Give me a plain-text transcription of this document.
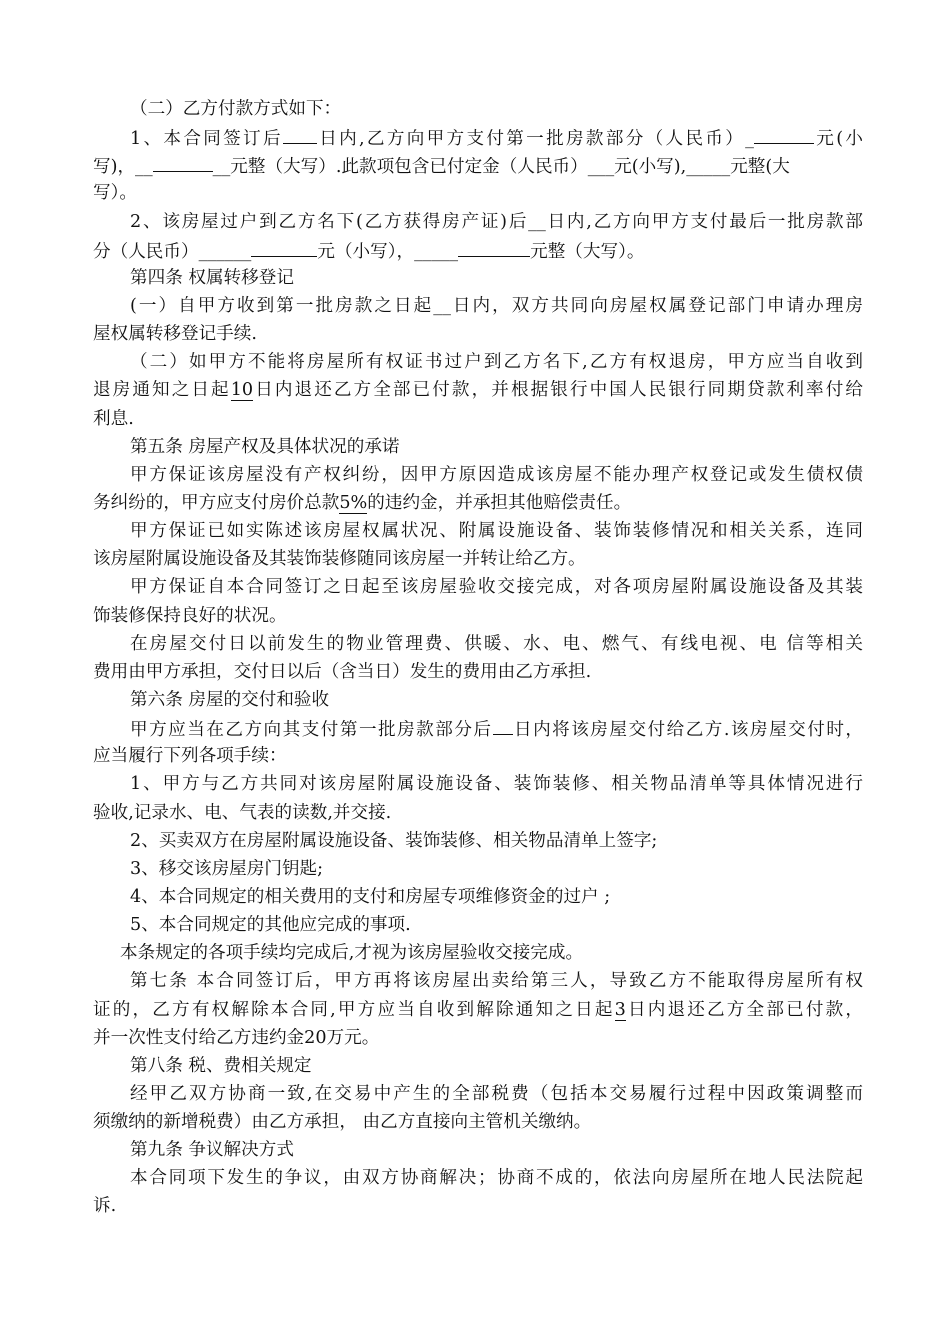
（二）乙方付款方式如下：
1、本合同签订后 日内,乙方向甲方支付第一批房款部分（人民币）_	元(小
写)，__	__元整（大写）.此款项包含已付定金（人民币）___元(小写),_____元整(大
写）。
2、该房屋过户到乙方名下(乙方获得房产证)后__日内,乙方向甲方支付最后一批房款部
分（人民币）______	元（小写），_____	元整（大写）。
第四条 权属转移登记
(一）自甲方收到第一批房款之日起__日内，双方共同向房屋权属登记部门申请办理房
屋权属转移登记手续.
（二）如甲方不能将房屋所有权证书过户到乙方名下,乙方有权退房，甲方应当自收到
退房通知之日起10日内退还乙方全部已付款，并根据银行中国人民银行同期贷款利率付给
利息.
第五条 房屋产权及具体状况的承诺
甲方保证该房屋没有产权纠纷，因甲方原因造成该房屋不能办理产权登记或发生债权债
务纠纷的，甲方应支付房价总款5%的违约金，并承担其他赔偿责任。
甲方保证已如实陈述该房屋权属状况、附属设施设备、装饰装修情况和相关关系，连同
该房屋附属设施设备及其装饰装修随同该房屋一并转让给乙方。
甲方保证自本合同签订之日起至该房屋验收交接完成，对各项房屋附属设施设备及其装
饰装修保持良好的状况。
在房屋交付日以前发生的物业管理费、供暖、水、电、燃气、有线电视、电 信等相关
费用由甲方承担，交付日以后（含当日）发生的费用由乙方承担.
第六条 房屋的交付和验收
甲方应当在乙方向其支付第一批房款部分后 日内将该房屋交付给乙方.该房屋交付时，
应当履行下列各项手续：
1、甲方与乙方共同对该房屋附属设施设备、装饰装修、相关物品清单等具体情况进行
验收,记录水、电、气表的读数,并交接.
2、买卖双方在房屋附属设施设备、装饰装修、相关物品清单上签字;
3、移交该房屋房门钥匙;
4、本合同规定的相关费用的支付和房屋专项维修资金的过户 ;
5、本合同规定的其他应完成的事项.
本条规定的各项手续均完成后,才视为该房屋验收交接完成。
第七条 本合同签订后，甲方再将该房屋出卖给第三人，导致乙方不能取得房屋所有权
证的，乙方有权解除本合同,甲方应当自收到解除通知之日起3日内退还乙方全部已付款，
并一次性支付给乙方违约金20万元。
第八条 税、费相关规定
经甲乙双方协商一致,在交易中产生的全部税费（包括本交易履行过程中因政策调整而
须缴纳的新增税费）由乙方承担， 由乙方直接向主管机关缴纳。
第九条 争议解决方式
本合同项下发生的争议，由双方协商解决；协商不成的，依法向房屋所在地人民法院起
诉.
